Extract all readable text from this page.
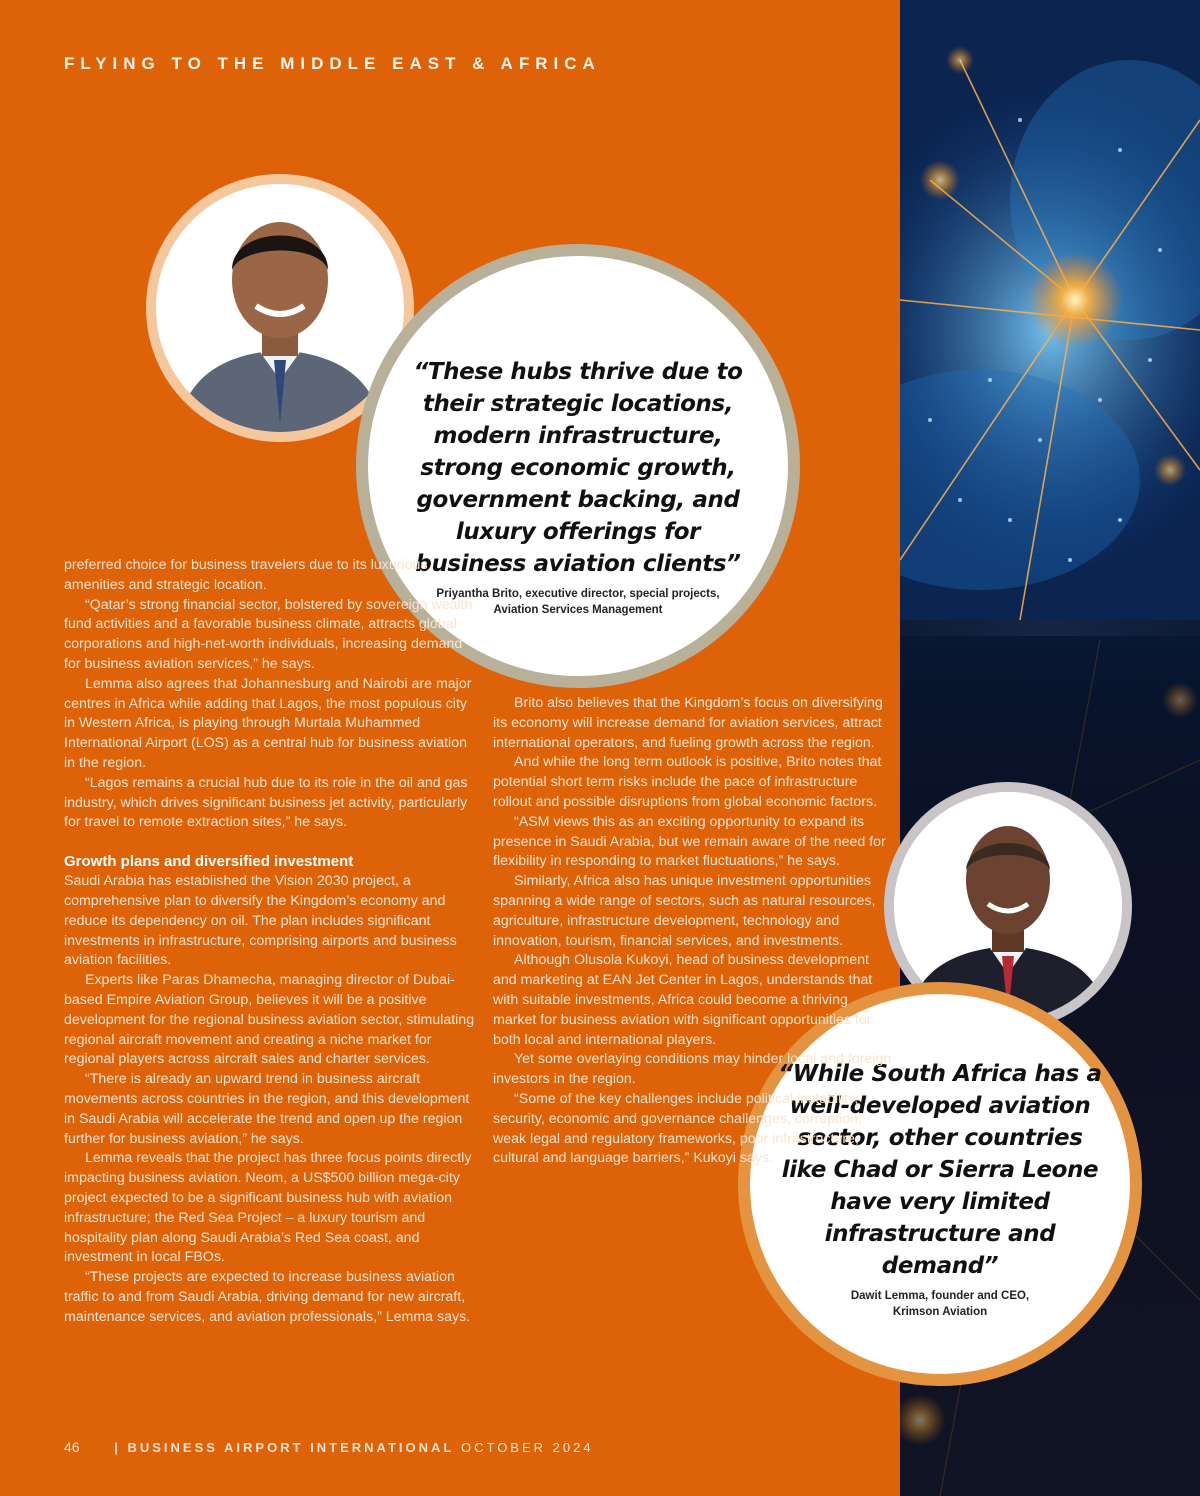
FLYING TO THE MIDDLE EAST & AFRICA

“These hubs thrive due to their strategic locations, modern infrastructure, strong economic growth, government backing, and luxury offerings for business aviation clients”

Priyantha Brito, executive director, special projects,
Aviation Services Management

“While South Africa has a well-developed aviation sector, other countries like Chad or Sierra Leone have very limited infrastructure and demand”

Dawit Lemma, founder and CEO,
Krimson Aviation

preferred choice for business travelers due to its luxurious amenities and strategic location.

“Qatar’s strong financial sector, bolstered by sovereign wealth fund activities and a favorable business climate, attracts global corporations and high-net-worth individuals, increasing demand for business aviation services,” he says.

Lemma also agrees that Johannesburg and Nairobi are major centres in Africa while adding that Lagos, the most populous city in Western Africa, is playing through Murtala Muhammed International Airport (LOS) as a central hub for business aviation in the region.

“Lagos remains a crucial hub due to its role in the oil and gas industry, which drives significant business jet activity, particularly for travel to remote extraction sites,” he says.

Growth plans and diversified investment

Saudi Arabia has established the Vision 2030 project, a comprehensive plan to diversify the Kingdom’s economy and reduce its dependency on oil. The plan includes significant investments in infrastructure, comprising airports and business aviation facilities.

Experts like Paras Dhamecha, managing director of Dubai-based Empire Aviation Group, believes it will be a positive development for the regional business aviation sector, stimulating regional aircraft movement and creating a niche market for regional players across aircraft sales and charter services.

“There is already an upward trend in business aircraft movements across countries in the region, and this development in Saudi Arabia will accelerate the trend and open up the region further for business aviation,” he says.

Lemma reveals that the project has three focus points directly impacting business aviation. Neom, a US$500 billion mega-city project expected to be a significant business hub with aviation infrastructure; the Red Sea Project – a luxury tourism and hospitality plan along Saudi Arabia’s Red Sea coast, and investment in local FBOs.

“These projects are expected to increase business aviation traffic to and from Saudi Arabia, driving demand for new aircraft, maintenance services, and aviation professionals,” Lemma says.

Brito also believes that the Kingdom’s focus on diversifying its economy will increase demand for aviation services, attract international operators, and fueling growth across the region.

And while the long term outlook is positive, Brito notes that potential short term risks include the pace of infrastructure rollout and possible disruptions from global economic factors.

“ASM views this as an exciting opportunity to expand its presence in Saudi Arabia, but we remain aware of the need for flexibility in responding to market fluctuations,” he says.

Similarly, Africa also has unique investment opportunities spanning a wide range of sectors, such as natural resources, agriculture, infrastructure development, technology and innovation, tourism, financial services, and investments.

Although Olusola Kukoyi, head of business development and marketing at EAN Jet Center in Lagos, understands that with suitable investments, Africa could become a thriving market for business aviation with significant opportunities for both local and international players.

Yet some overlaying conditions may hinder local and foreign investors in the region.

“Some of the key challenges include political instability, security, economic and governance challenges, corruption, weak legal and regulatory frameworks, poor infrastructure, cultural and language barriers,” Kukoyi says.

46	| BUSINESS AIRPORT INTERNATIONAL OCTOBER 2024
